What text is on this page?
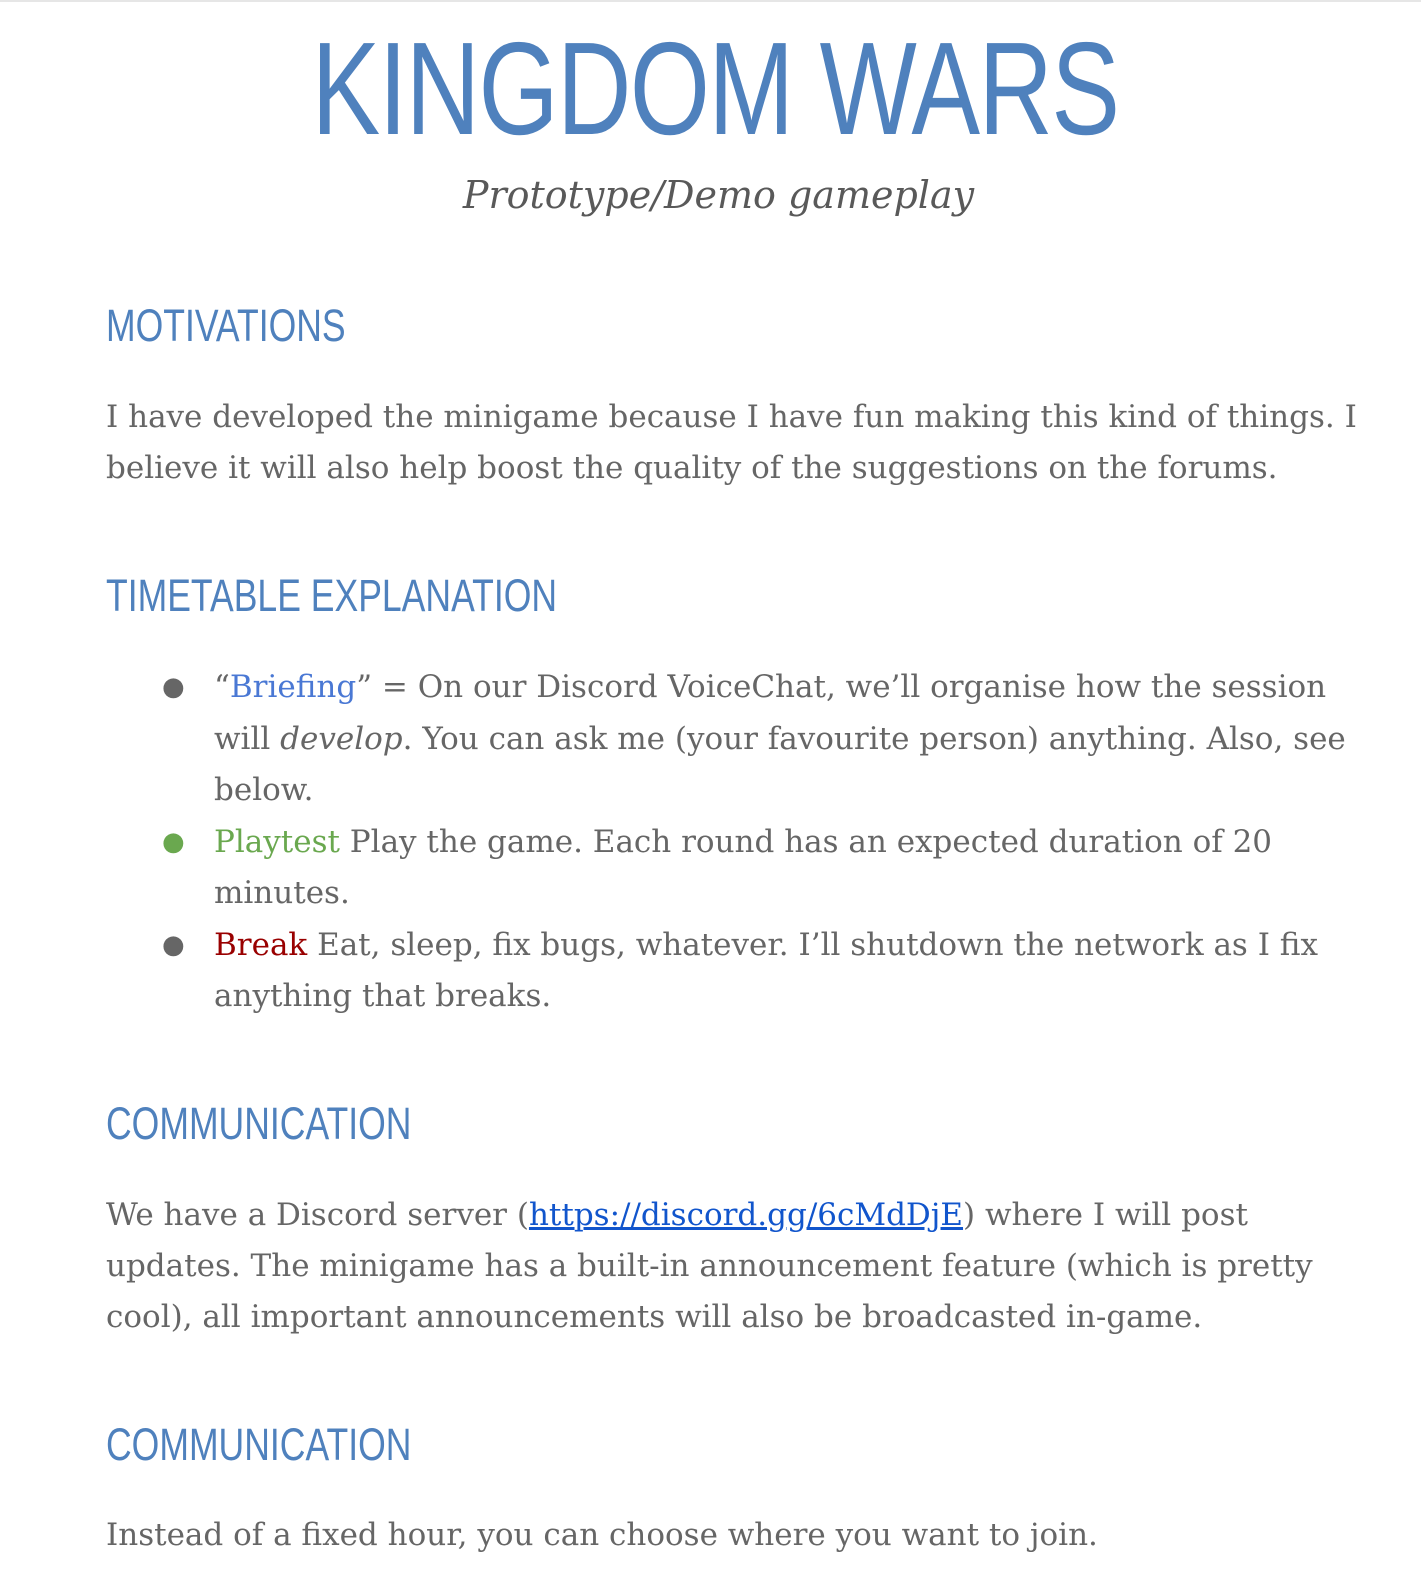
KINGDOM WARS
Prototype/Demo gameplay
MOTIVATIONS

I have developed the minigame because I have fun making this kind of things. I believe it will also help boost the quality of the suggestions on the forums.

TIMETABLE EXPLANATION
● “Briefing” = On our Discord VoiceChat, we’ll organise how the session will develop. You can ask me (your favourite person) anything. Also, see below.
● Playtest Play the game. Each round has an expected duration of 20 minutes.
● Break Eat, sleep, fix bugs, whatever. I’ll shutdown the network as I fix anything that breaks.
COMMUNICATION

We have a Discord server (https://discord.gg/6cMdDjE) where I will post updates. The minigame has a built-in announcement feature (which is pretty cool), all important announcements will also be broadcasted in-game.

COMMUNICATION

Instead of a fixed hour, you can choose where you want to join.
